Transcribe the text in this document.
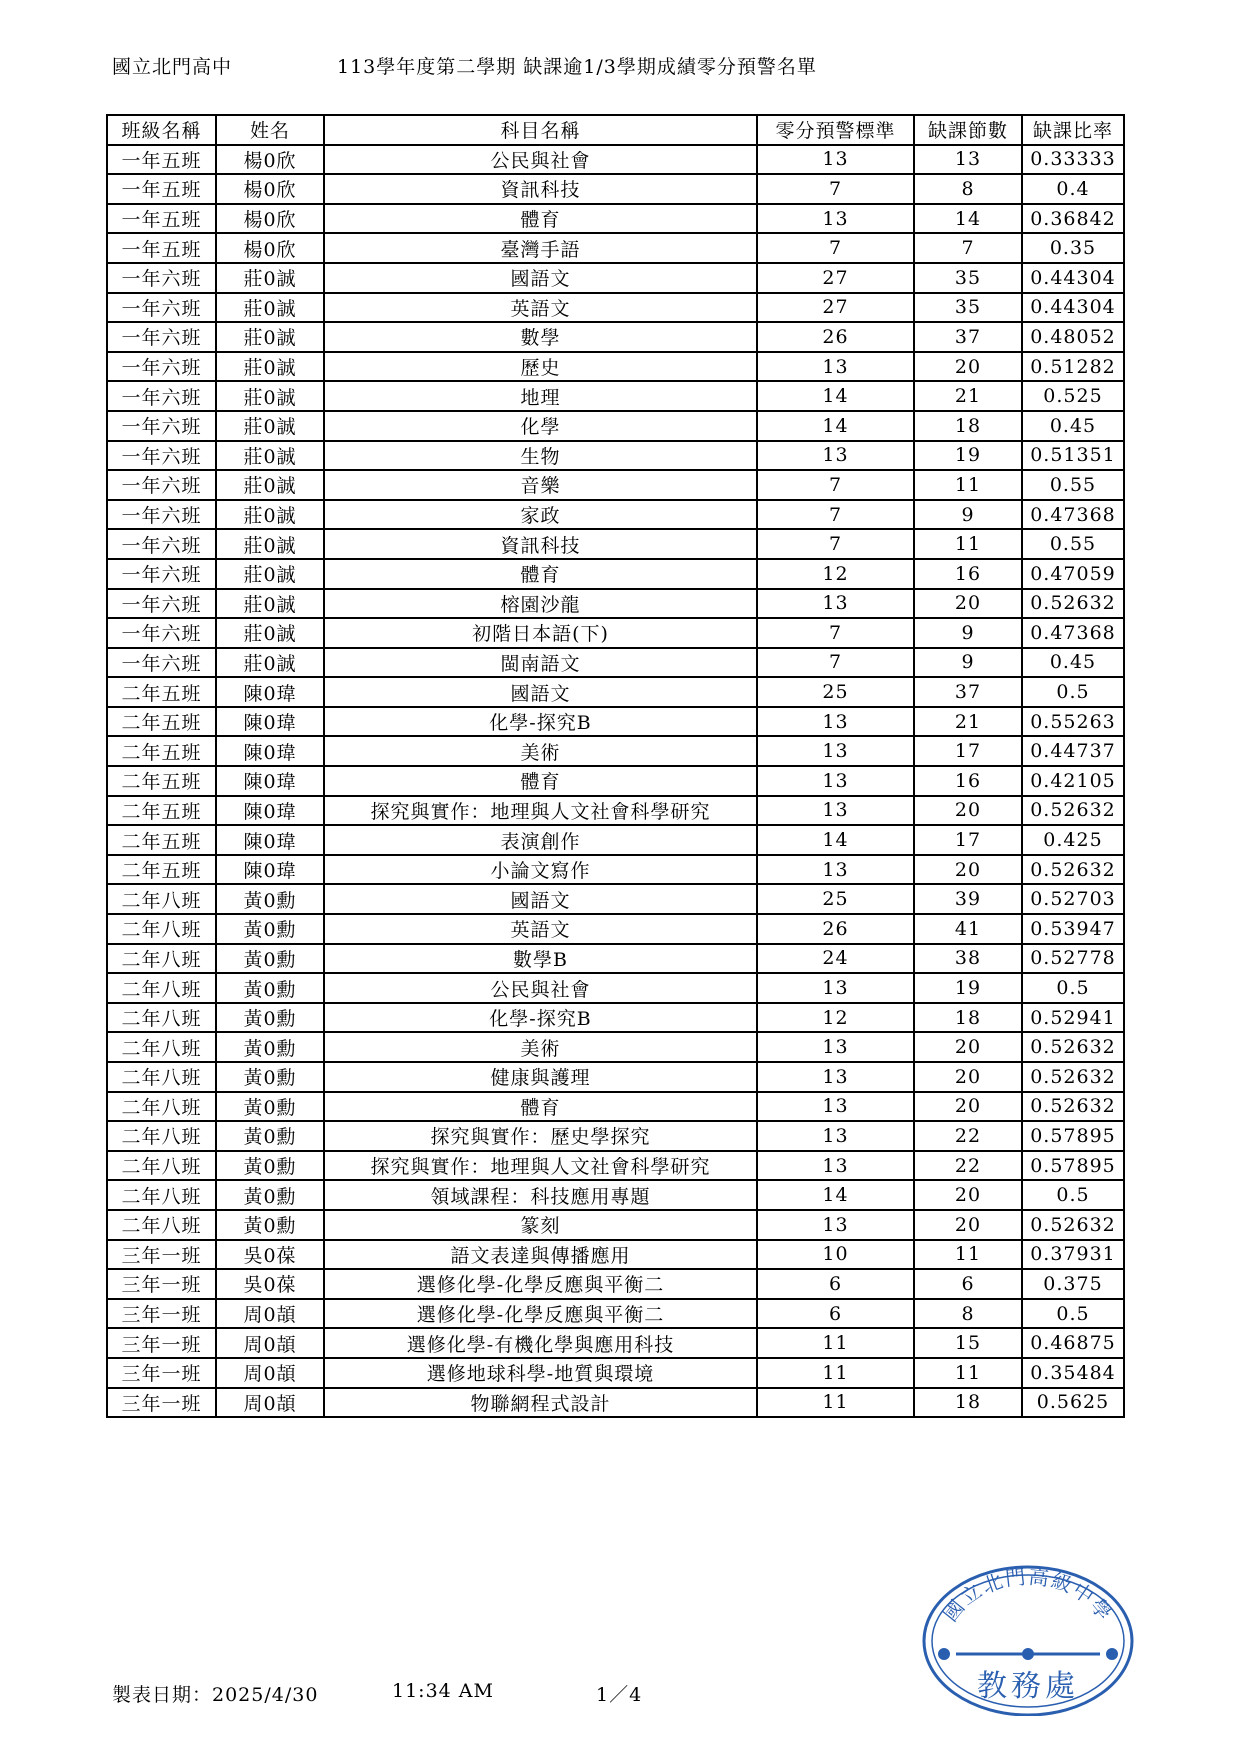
國立北門高中	113學年度第二學期 缺課逾1/3學期成績零分預警名單
班級名稱	姓名	科目名稱	零分預警標準	缺課節數	缺課比率
一年五班	楊0欣	公民與社會	13	13	0.33333
一年五班	楊0欣	資訊科技	7	8	0.4
一年五班	楊0欣	體育	13	14	0.36842
一年五班	楊0欣	臺灣手語	7	7	0.35
一年六班	莊0誠	國語文	27	35	0.44304
一年六班	莊0誠	英語文	27	35	0.44304
一年六班	莊0誠	數學	26	37	0.48052
一年六班	莊0誠	歷史	13	20	0.51282
一年六班	莊0誠	地理	14	21	0.525
一年六班	莊0誠	化學	14	18	0.45
一年六班	莊0誠	生物	13	19	0.51351
一年六班	莊0誠	音樂	7	11	0.55
一年六班	莊0誠	家政	7	9	0.47368
一年六班	莊0誠	資訊科技	7	11	0.55
一年六班	莊0誠	體育	12	16	0.47059
一年六班	莊0誠	榕園沙龍	13	20	0.52632
一年六班	莊0誠	初階日本語(下)	7	9	0.47368
一年六班	莊0誠	閩南語文	7	9	0.45
二年五班	陳0瑋	國語文	25	37	0.5
二年五班	陳0瑋	化學-探究B	13	21	0.55263
二年五班	陳0瑋	美術	13	17	0.44737
二年五班	陳0瑋	體育	13	16	0.42105
二年五班	陳0瑋	探究與實作：地理與人文社會科學研究	13	20	0.52632
二年五班	陳0瑋	表演創作	14	17	0.425
二年五班	陳0瑋	小論文寫作	13	20	0.52632
二年八班	黃0勳	國語文	25	39	0.52703
二年八班	黃0勳	英語文	26	41	0.53947
二年八班	黃0勳	數學B	24	38	0.52778
二年八班	黃0勳	公民與社會	13	19	0.5
二年八班	黃0勳	化學-探究B	12	18	0.52941
二年八班	黃0勳	美術	13	20	0.52632
二年八班	黃0勳	健康與護理	13	20	0.52632
二年八班	黃0勳	體育	13	20	0.52632
二年八班	黃0勳	探究與實作：歷史學探究	13	22	0.57895
二年八班	黃0勳	探究與實作：地理與人文社會科學研究	13	22	0.57895
二年八班	黃0勳	領域課程：科技應用專題	14	20	0.5
二年八班	黃0勳	篆刻	13	20	0.52632
三年一班	吳0葆	語文表達與傳播應用	10	11	0.37931
三年一班	吳0葆	選修化學-化學反應與平衡二	6	6	0.375
三年一班	周0頡	選修化學-化學反應與平衡二	6	8	0.5
三年一班	周0頡	選修化學-有機化學與應用科技	11	15	0.46875
三年一班	周0頡	選修地球科學-地質與環境	11	11	0.35484
三年一班	周0頡	物聯網程式設計	11	18	0.5625
製表日期：2025/4/30	11:34 AM	1／4
國立北門高級中學
教務處
